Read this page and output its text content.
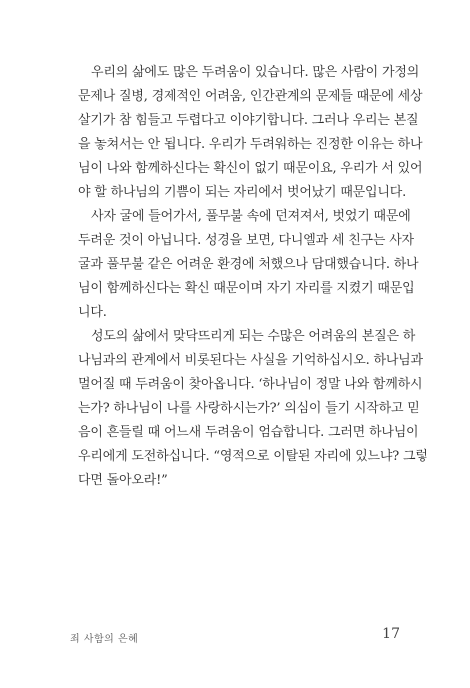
우리의 삶에도 많은 두려움이 있습니다. 많은 사람이 가정의
문제나 질병, 경제적인 어려움, 인간관계의 문제들 때문에 세상
살기가 참 힘들고 두렵다고 이야기합니다. 그러나 우리는 본질
을 놓쳐서는 안 됩니다. 우리가 두려워하는 진정한 이유는 하나
님이 나와 함께하신다는 확신이 없기 때문이요, 우리가 서 있어
야 할 하나님의 기쁨이 되는 자리에서 벗어났기 때문입니다.

사자 굴에 들어가서, 풀무불 속에 던져져서, 벗었기 때문에
두려운 것이 아닙니다. 성경을 보면, 다니엘과 세 친구는 사자
굴과 풀무불 같은 어려운 환경에 처했으나 담대했습니다. 하나
님이 함께하신다는 확신 때문이며 자기 자리를 지켰기 때문입
니다.

성도의 삶에서 맞닥뜨리게 되는 수많은 어려움의 본질은 하
나님과의 관계에서 비롯된다는 사실을 기억하십시오. 하나님과
멀어질 때 두려움이 찾아옵니다. ‘하나님이 정말 나와 함께하시
는가? 하나님이 나를 사랑하시는가?’ 의심이 들기 시작하고 믿
음이 흔들릴 때 어느새 두려움이 엄습합니다. 그러면 하나님이
우리에게 도전하십니다. “영적으로 이탈된 자리에 있느냐? 그렇
다면 돌아오라!”

죄 사함의 은혜	17
